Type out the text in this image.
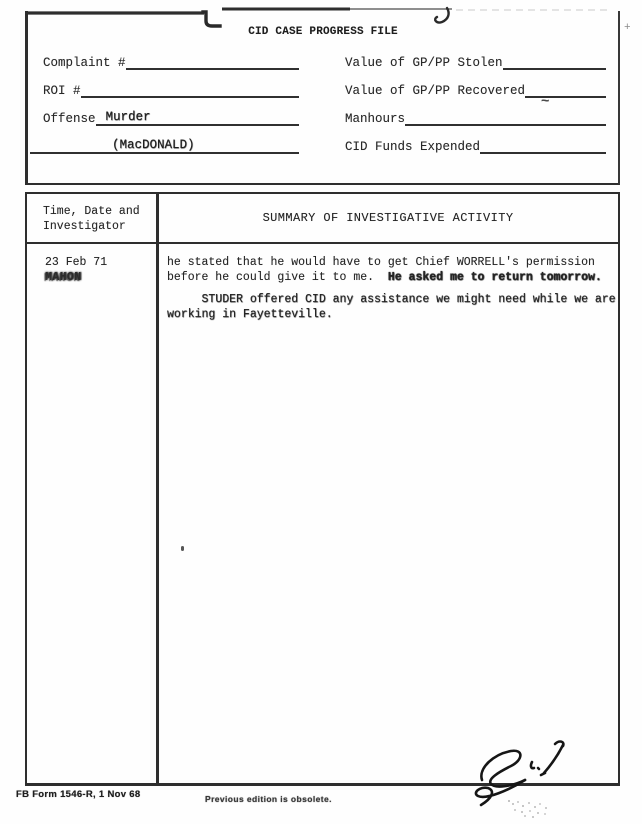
CID CASE PROGRESS FILE
Complaint #
ROI #
Offense Murder
(MacDONALD)
Value of GP/PP Stolen
Value of GP/PP Recovered
Manhours
CID Funds Expended
+
~
Time, Date and
Investigator
SUMMARY OF INVESTIGATIVE ACTIVITY
23 Feb 71
MAHON
he stated that he would have to get Chief WORRELL's permission
before he could give it to me.  He asked me to return tomorrow.
STUDER offered CID any assistance we might need while we are
working in Fayetteville.
FB Form 1546-R, 1 Nov 68	Previous edition is obsolete.
